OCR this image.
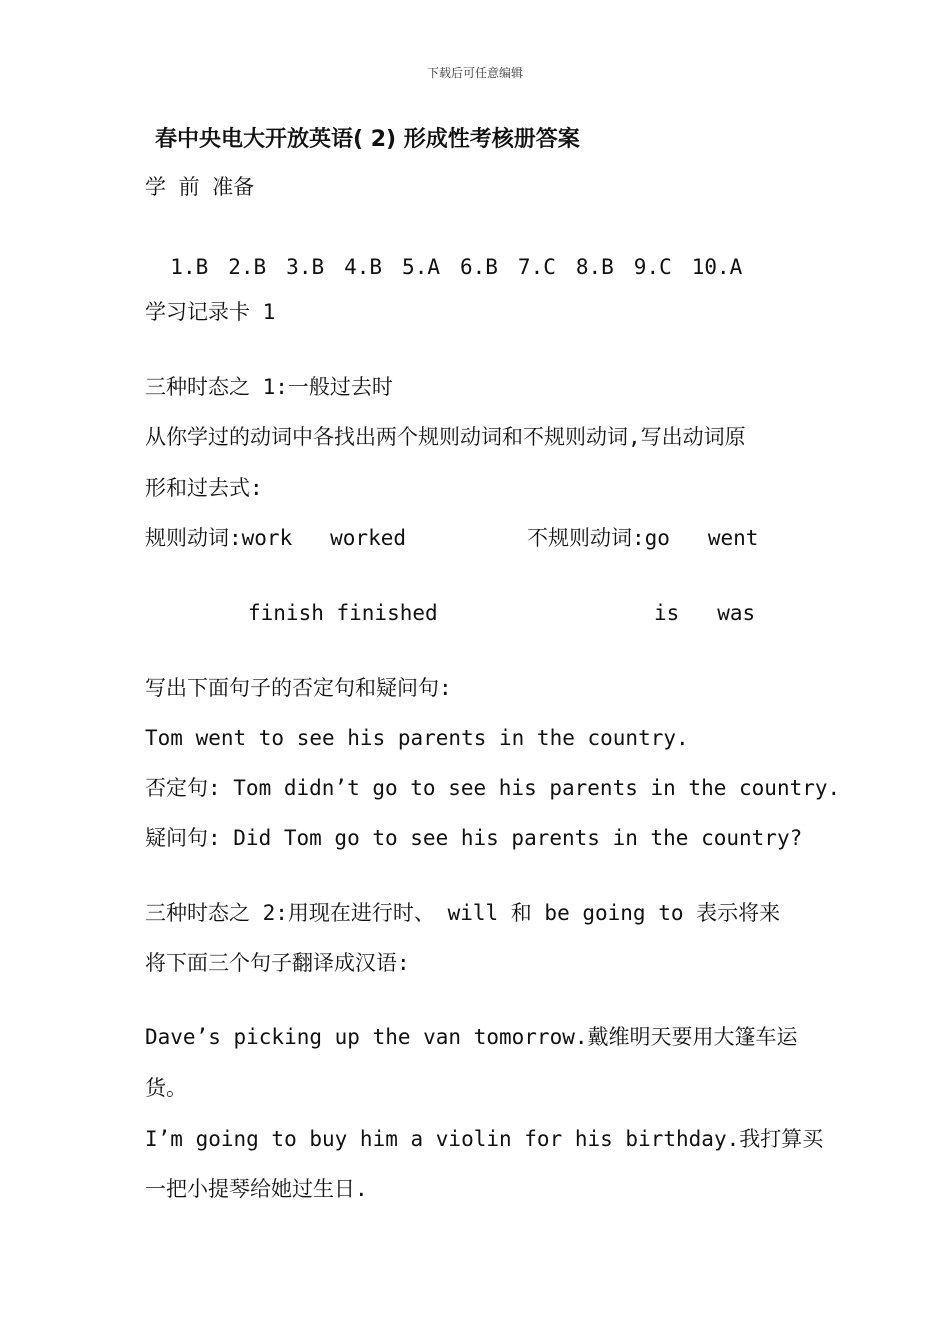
下载后可任意编辑
春中央电大开放英语( 2) 形成性考核册答案
学 前 准备

1.B 2.B 3.B 4.B 5.A 6.B 7.C 8.B 9.C 10.A

学习记录卡 1
三种时态之 1:一般过去时
从你学过的动词中各找出两个规则动词和不规则动词,写出动词原
形和过去式:
规则动词:work   worked	不规则动词:go   went
finish finished	is   was
写出下面句子的否定句和疑问句:
Tom went to see his parents in the country.
否定句: Tom didn’t go to see his parents in the country.
疑问句: Did Tom go to see his parents in the country?
三种时态之 2:用现在进行时、 will 和 be going to 表示将来
将下面三个句子翻译成汉语:
Dave’s picking up the van tomorrow.戴维明天要用大篷车运
货。
I’m going to buy him a violin for his birthday.我打算买
一把小提琴给她过生日.
